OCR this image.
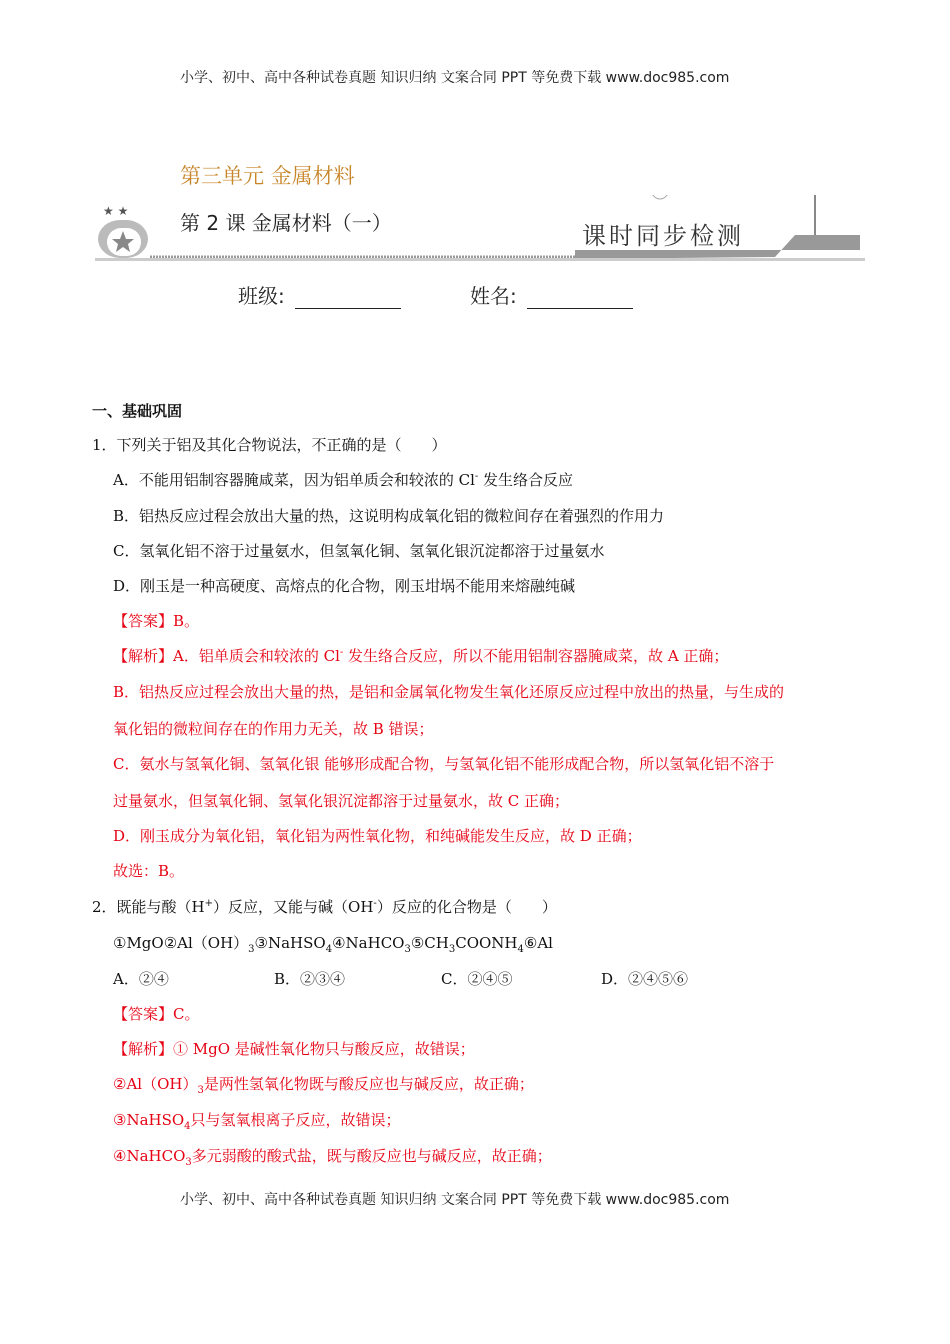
小学、初中、高中各种试卷真题 知识归纳 文案合同 PPT 等免费下载 www.doc985.com
★ ★
第三单元 金属材料
第 2 课 金属材料（一）	课时同步检测
班级:	姓名:
一、基础巩固
1．下列关于铝及其化合物说法，不正确的是（　　）
A．不能用铝制容器腌咸菜，因为铝单质会和较浓的 Cl- 发生络合反应
B．铝热反应过程会放出大量的热，这说明构成氧化铝的微粒间存在着强烈的作用力
C．氢氧化铝不溶于过量氨水，但氢氧化铜、氢氧化银沉淀都溶于过量氨水
D．刚玉是一种高硬度、高熔点的化合物，刚玉坩埚不能用来熔融纯碱
【答案】B。
【解析】A．铝单质会和较浓的 Cl- 发生络合反应，所以不能用铝制容器腌咸菜，故 A 正确；
B．铝热反应过程会放出大量的热，是铝和金属氧化物发生氧化还原反应过程中放出的热量，与生成的
氧化铝的微粒间存在的作用力无关，故 B 错误；
C．氨水与氢氧化铜、氢氧化银 能够形成配合物，与氢氧化铝不能形成配合物，所以氢氧化铝不溶于
过量氨水，但氢氧化铜、氢氧化银沉淀都溶于过量氨水，故 C 正确；
D．刚玉成分为氧化铝，氧化铝为两性氧化物，和纯碱能发生反应，故 D 正确；
故选：B。
2．既能与酸（H+）反应，又能与碱（OH-）反应的化合物是（　　）
$①MgO②Al(OH)_3③NaHSO_4④NaHCO_3⑤CH_3COONH_4⑥Al$
A．②④	B．②③④	C．②④⑤	D．②④⑤⑥
【答案】C。
【解析】① MgO 是碱性氧化物只与酸反应，故错误；
$②Al(OH)_3$是两性氢氧化物既与酸反应也与碱反应，故正确；
③NaHSO$_4$只与氢氧根离子反应，故错误；
④NaHCO$_3$多元弱酸的酸式盐，既与酸反应也与碱反应，故正确；
小学、初中、高中各种试卷真题 知识归纳 文案合同 PPT 等免费下载 www.doc985.com
